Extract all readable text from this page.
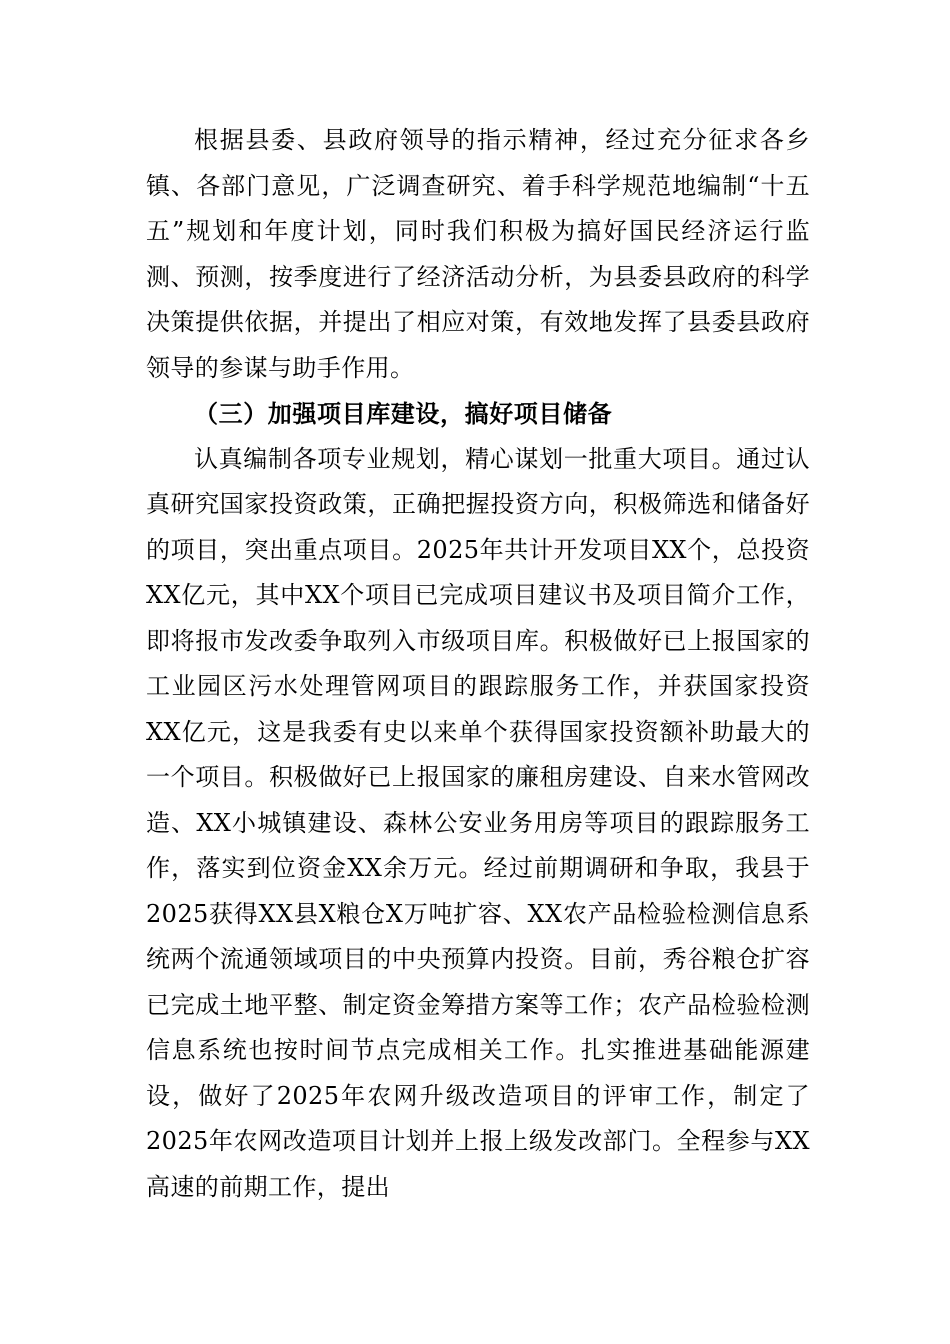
根据县委、县政府领导的指示精神，经过充分征求各乡镇、各部门意见，广泛调查研究、着手科学规范地编制“十五五”规划和年度计划，同时我们积极为搞好国民经济运行监测、预测，按季度进行了经济活动分析，为县委县政府的科学决策提供依据，并提出了相应对策，有效地发挥了县委县政府领导的参谋与助手作用。

（三）加强项目库建设，搞好项目储备

认真编制各项专业规划，精心谋划一批重大项目。通过认真研究国家投资政策，正确把握投资方向，积极筛选和储备好的项目，突出重点项目。2025年共计开发项目XX个，总投资XX亿元，其中XX个项目已完成项目建议书及项目简介工作，即将报市发改委争取列入市级项目库。积极做好已上报国家的工业园区污水处理管网项目的跟踪服务工作，并获国家投资XX亿元，这是我委有史以来单个获得国家投资额补助最大的一个项目。积极做好已上报国家的廉租房建设、自来水管网改造、XX小城镇建设、森林公安业务用房等项目的跟踪服务工作，落实到位资金XX余万元。经过前期调研和争取，我县于2025获得XX县X粮仓X万吨扩容、XX农产品检验检测信息系统两个流通领域项目的中央预算内投资。目前，秀谷粮仓扩容已完成土地平整、制定资金筹措方案等工作；农产品检验检测信息系统也按时间节点完成相关工作。扎实推进基础能源建设，做好了2025年农网升级改造项目的评审工作，制定了2025年农网改造项目计划并上报上级发改部门。全程参与XX高速的前期工作，提出
